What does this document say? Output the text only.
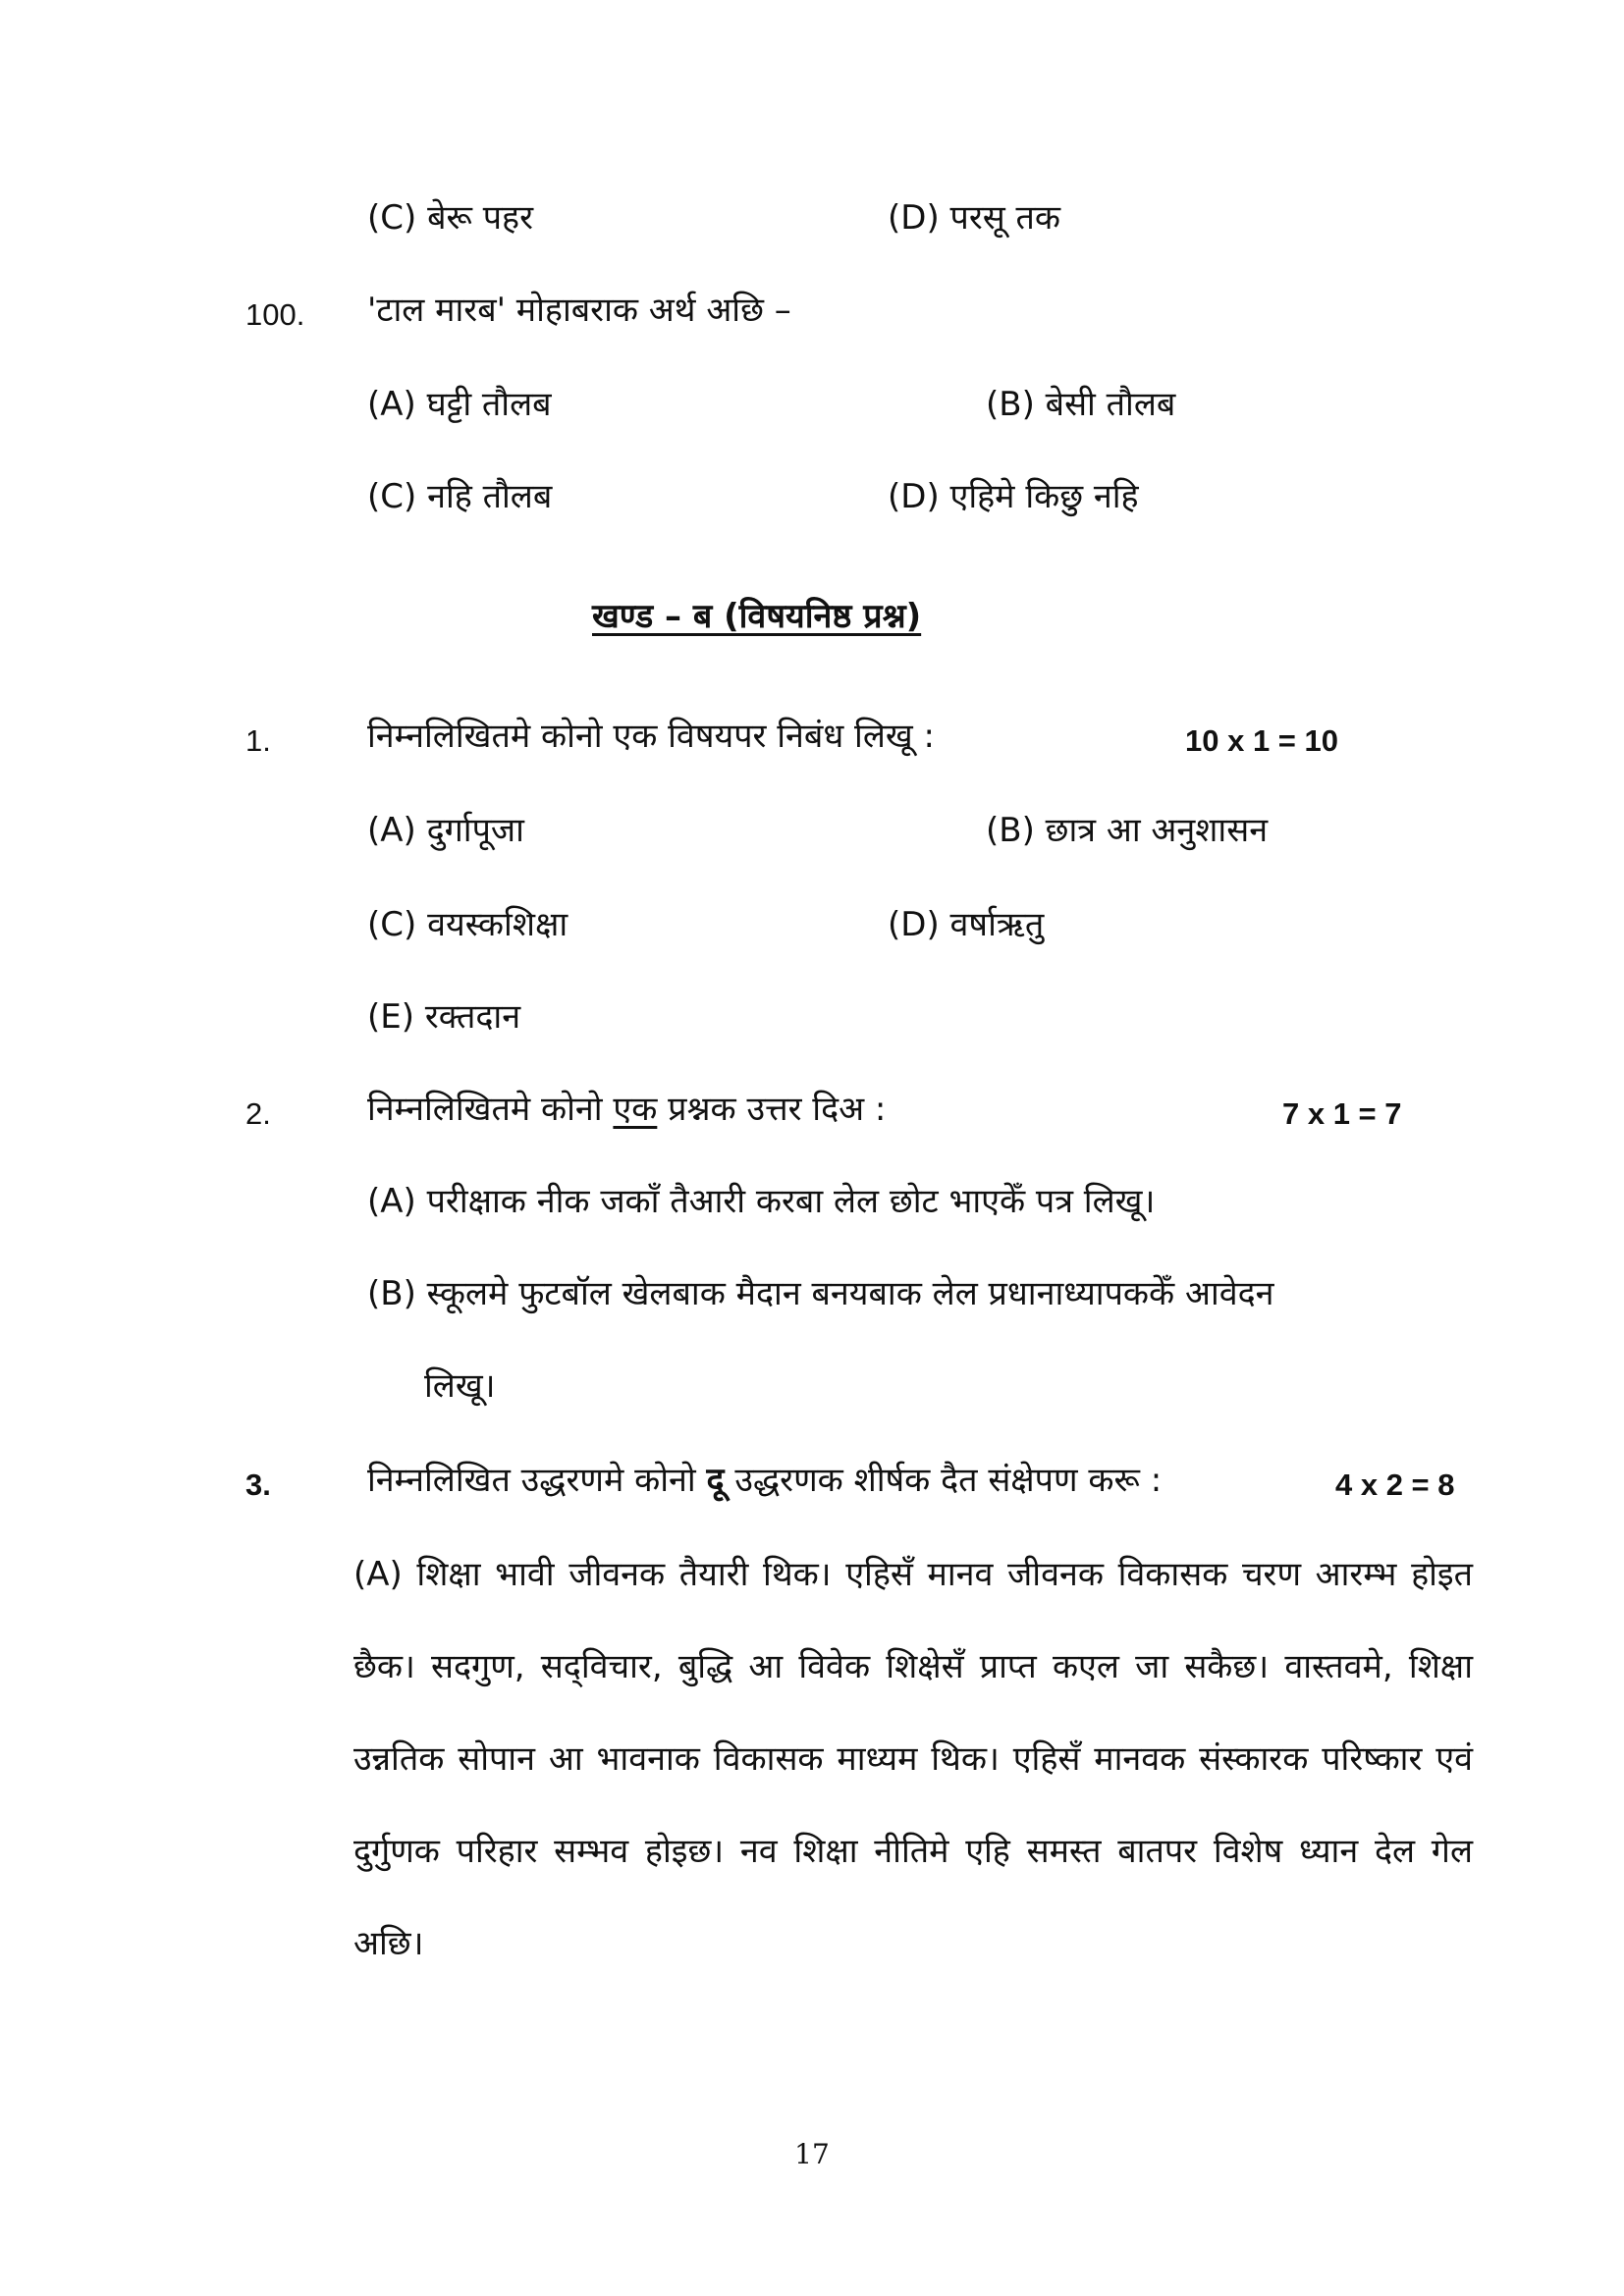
(C) बेरू पहर	(D) परसू तक
100. 'टाल मारब' मोहाबराक अर्थ अछि –
(A) घट्टी तौलब	(B) बेसी तौलब
(C) नहि तौलब	(D) एहिमे किछु नहि
खण्ड – ब (विषयनिष्ठ प्रश्न)
1.	निम्नलिखितमे कोनो एक विषयपर निबंध लिखू :	10 x 1 = 10
(A) दुर्गापूजा	(B) छात्र आ अनुशासन
(C) वयस्कशिक्षा	(D) वर्षाऋतु
(E) रक्तदान
2.	निम्नलिखितमे कोनो एक प्रश्नक उत्तर दिअ :	7 x 1 = 7
(A) परीक्षाक नीक जकाँ तैआरी करबा लेल छोट भाएकेँ पत्र लिखू।
(B) स्कूलमे फुटबॉल खेलबाक मैदान बनयबाक लेल प्रधानाध्यापककेँ आवेदन
लिखू।
3.	निम्नलिखित उद्धरणमे कोनो दू उद्धरणक शीर्षक दैत संक्षेपण करू :	4 x 2 = 8

(A) शिक्षा भावी जीवनक तैयारी थिक। एहिसँ मानव जीवनक विकासक चरण आरम्भ होइत छैक। सदगुण, सद्‌विचार, बुद्धि आ विवेक शिक्षेसँ प्राप्त कएल जा सकैछ। वास्तवमे, शिक्षा उन्नतिक सोपान आ भावनाक विकासक माध्यम थिक। एहिसँ मानवक संस्कारक परिष्कार एवं दुर्गुणक परिहार सम्भव होइछ। नव शिक्षा नीतिमे एहि समस्त बातपर विशेष ध्यान देल गेल अछि।

17
